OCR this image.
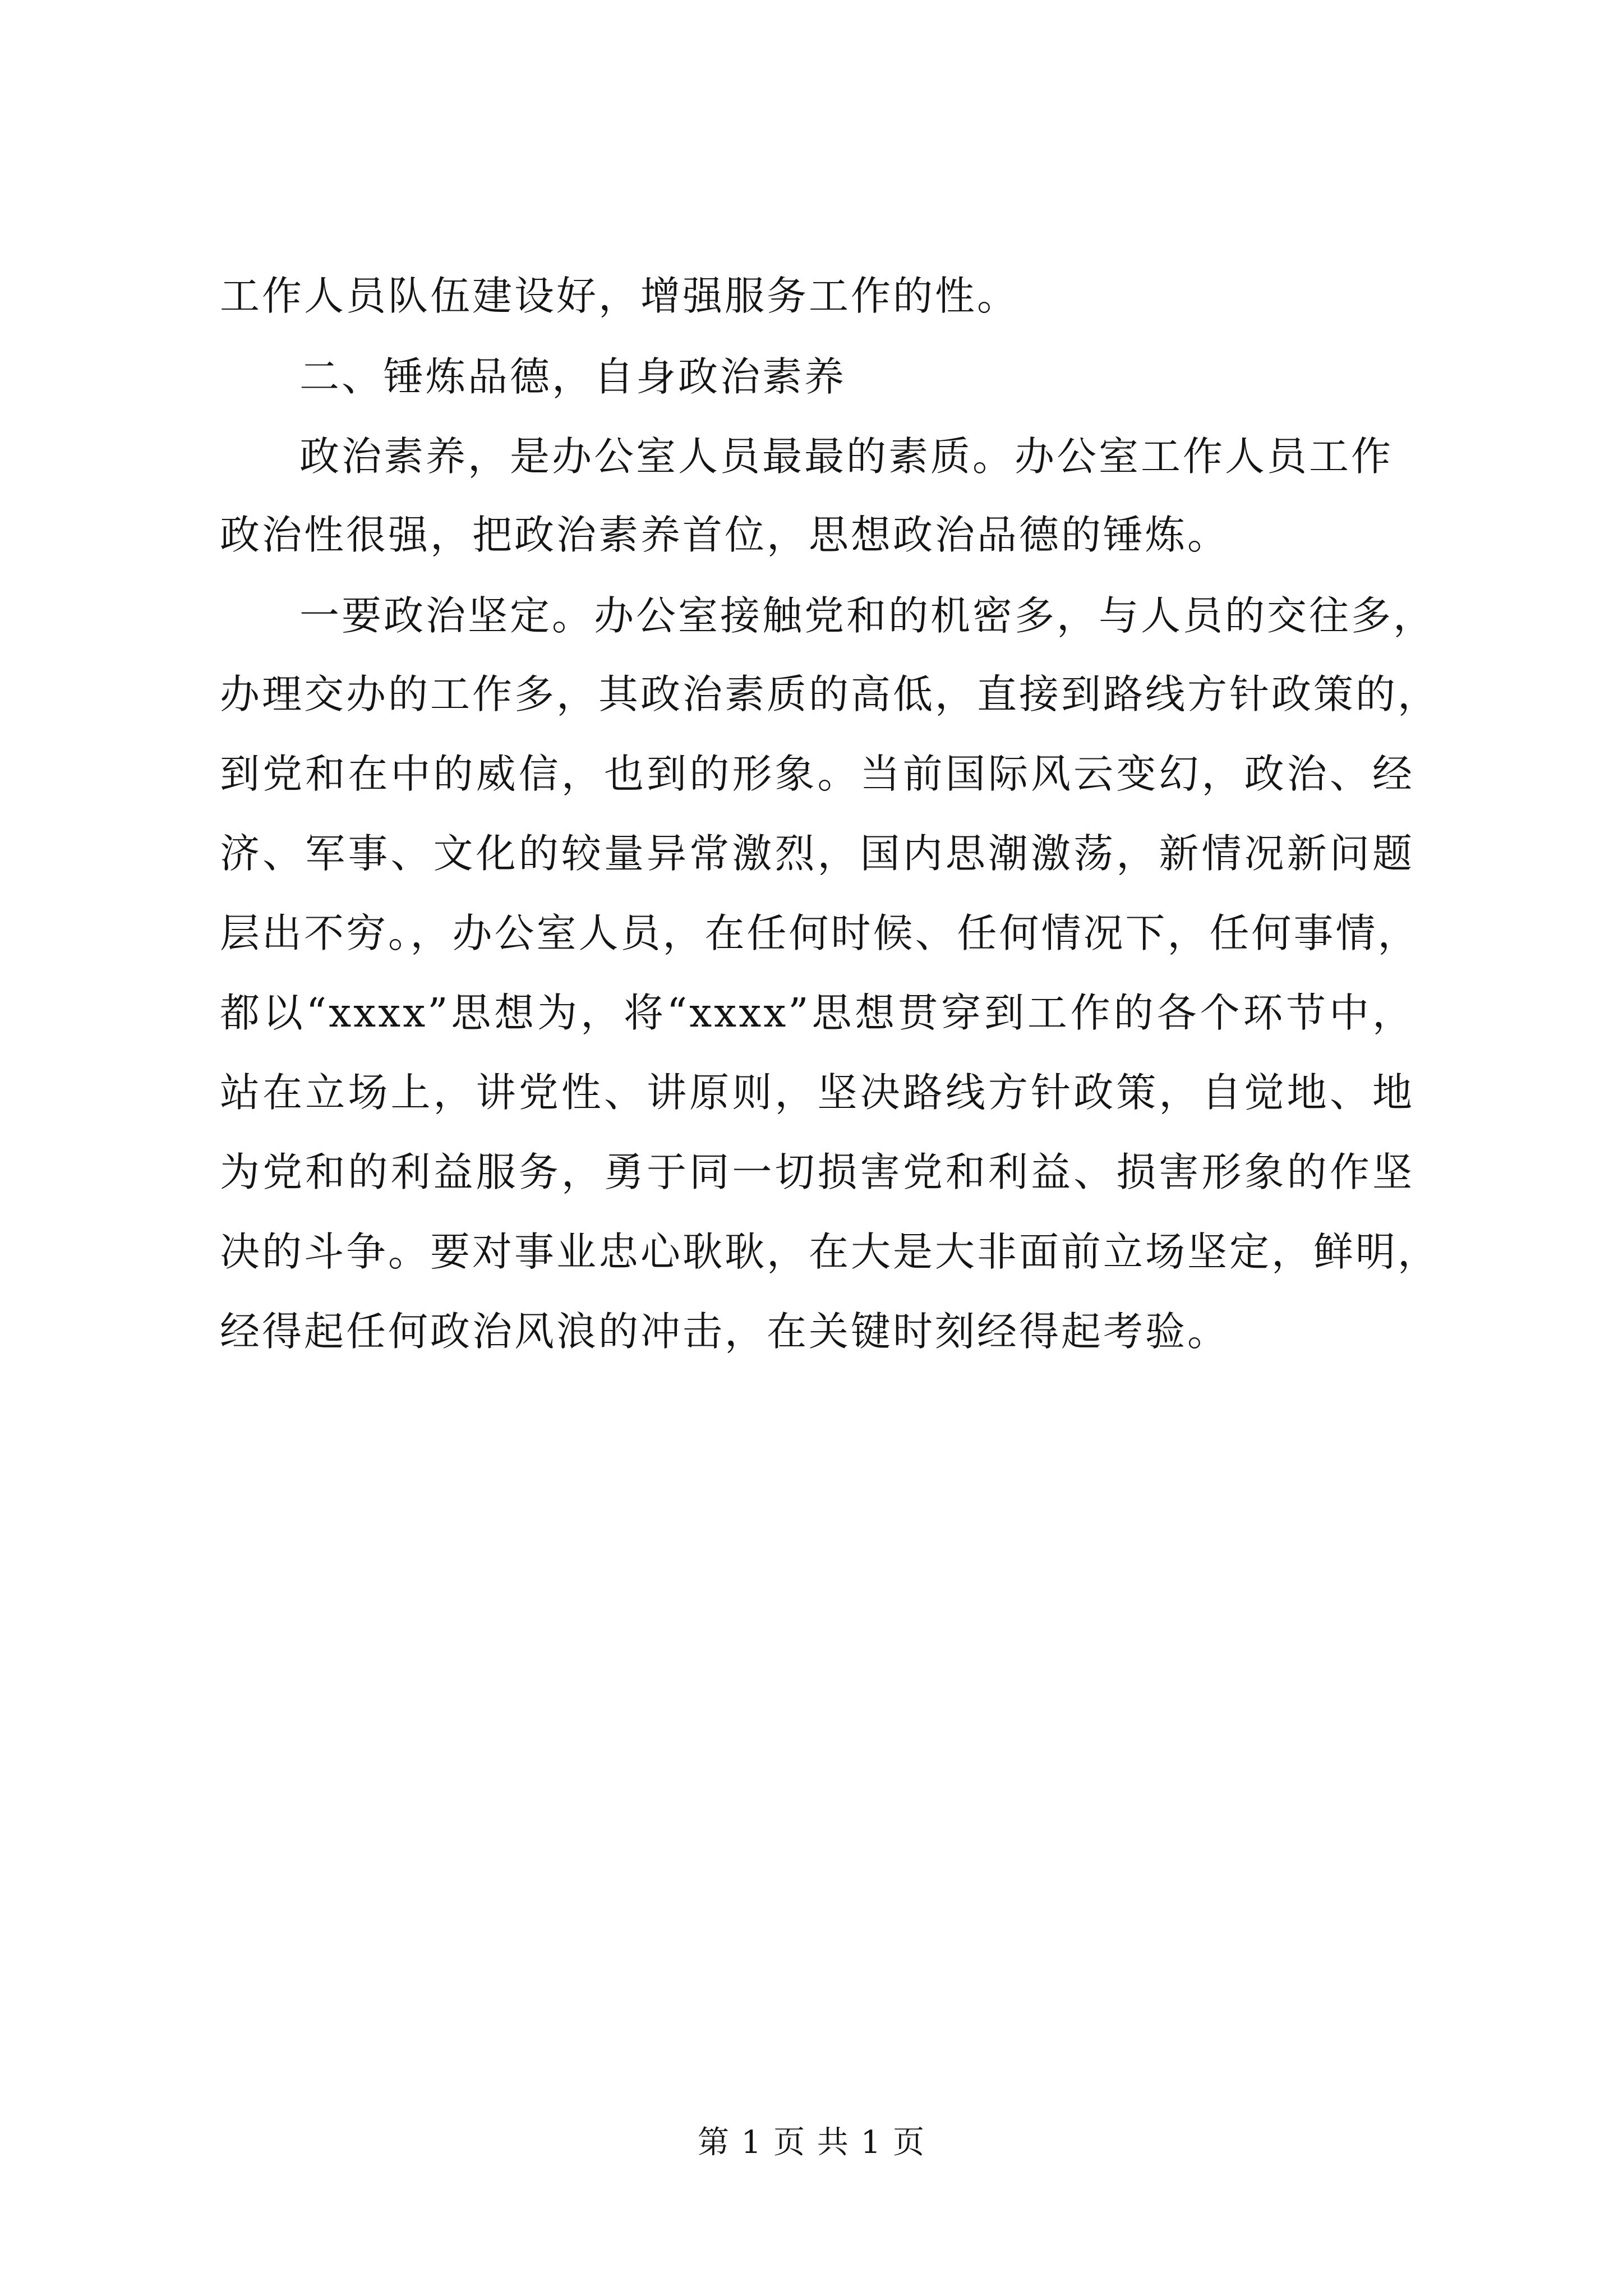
工作人员队伍建设好，增强服务工作的性。
二、锤炼品德，自身政治素养
政治素养，是办公室人员最最的素质。办公室工作人员工作
政治性很强，把政治素养首位，思想政治品德的锤炼。
一要政治坚定。办公室接触党和的机密多，与人员的交往多，
办理交办的工作多，其政治素质的高低，直接到路线方针政策的，
到党和在中的威信，也到的形象。当前国际风云变幻，政治、经
济、军事、文化的较量异常激烈，国内思潮激荡，新情况新问题
层出不穷。，办公室人员，在任何时候、任何情况下，任何事情，
都以“xxxx”思想为，将“xxxx”思想贯穿到工作的各个环节中，
站在立场上，讲党性、讲原则，坚决路线方针政策，自觉地、地
为党和的利益服务，勇于同一切损害党和利益、损害形象的作坚
决的斗争。要对事业忠心耿耿，在大是大非面前立场坚定，鲜明，
经得起任何政治风浪的冲击，在关键时刻经得起考验。
第 1 页 共 1 页
